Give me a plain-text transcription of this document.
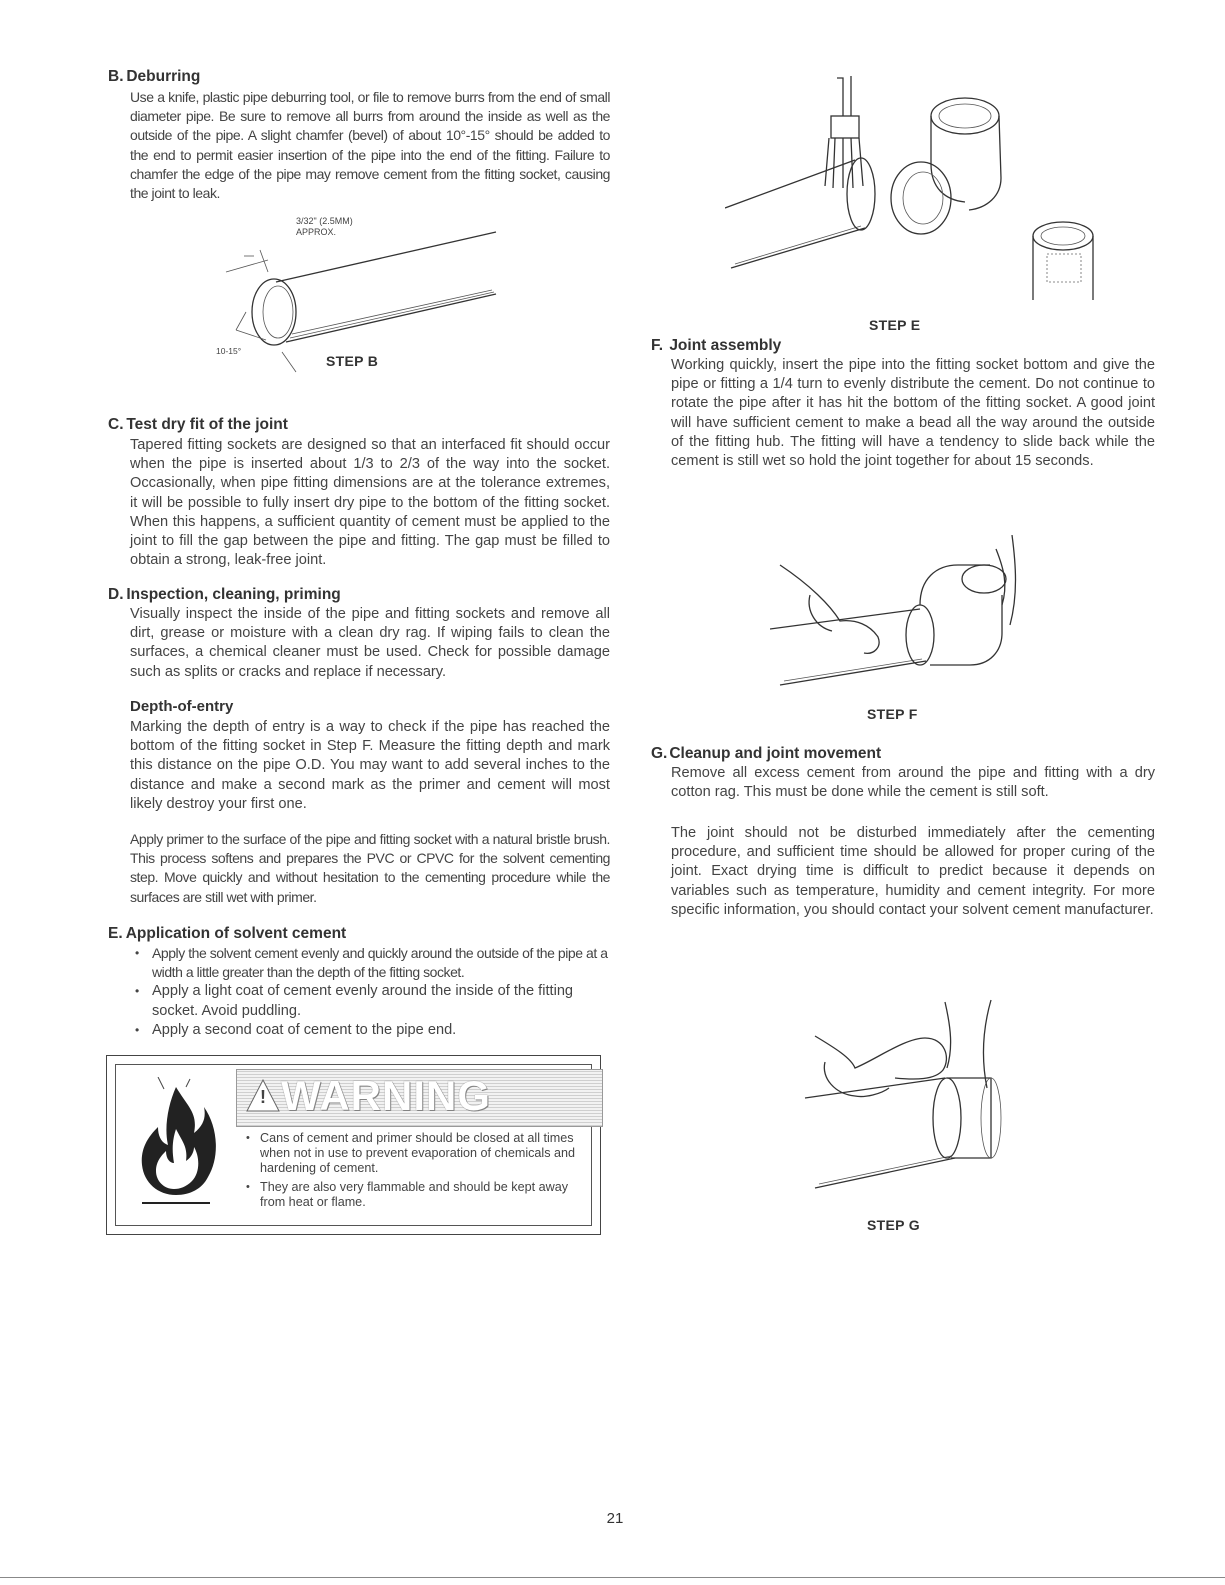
B. Deburring

Use a knife, plastic pipe deburring tool, or file to remove burrs from the end of small diameter pipe. Be sure to remove all burrs from around the inside as well as the outside of the pipe. A slight chamfer (bevel) of about 10°-15° should be added to the end to permit easier insertion of the pipe into the end of the fitting. Failure to chamfer the edge of the pipe may remove cement from the fitting socket, causing the joint to leak.

3/32" (2.5MM)
APPROX.
10-15°
STEP B
C. Test dry fit of the joint

Tapered fitting sockets are designed so that an interfaced fit should occur when the pipe is inserted about 1/3 to 2/3 of the way into the socket. Occasionally, when pipe fitting dimensions are at the tolerance extremes, it will be possible to fully insert dry pipe to the bottom of the fitting socket. When this happens, a sufficient quantity of cement must be applied to the joint to fill the gap between the pipe and fitting. The gap must be filled to obtain a strong, leak-free joint.

D. Inspection, cleaning, priming

Visually inspect the inside of the pipe and fitting sockets and remove all dirt, grease or moisture with a clean dry rag. If wiping fails to clean the surfaces, a chemical cleaner must be used. Check for possible damage such as splits or cracks and replace if necessary.

Depth-of-entry

Marking the depth of entry is a way to check if the pipe has reached the bottom of the fitting socket in Step F. Measure the fitting depth and mark this distance on the pipe O.D. You may want to add several inches to the distance and make a second mark as the primer and cement will most likely destroy your first one.

Apply primer to the surface of the pipe and fitting socket with a natural bristle brush. This process softens and prepares the PVC or CPVC for the solvent cementing step. Move quickly and without hesitation to the cementing procedure while the surfaces are still wet with primer.

E. Application of solvent cement
• Apply the solvent cement evenly and quickly around the outside of the pipe at a width a little greater than the depth of the fitting socket.
• Apply a light coat of cement evenly around the inside of the fitting socket. Avoid puddling.
• Apply a second coat of cement to the pipe end.
! WARNING
• Cans of cement and primer should be closed at all times when not in use to prevent evaporation of chemicals and hardening of cement.
• They are also very flammable and should be kept away from heat or flame.
STEP E
F. Joint assembly

Working quickly, insert the pipe into the fitting socket bottom and give the pipe or fitting a 1/4 turn to evenly distribute the cement. Do not continue to rotate the pipe after it has hit the bottom of the fitting socket. A good joint will have sufficient cement to make a bead all the way around the outside of the fitting hub. The fitting will have a tendency to slide back while the cement is still wet so hold the joint together for about 15 seconds.

STEP F
G. Cleanup and joint movement

Remove all excess cement from around the pipe and fitting with a dry cotton rag. This must be done while the cement is still soft.

The joint should not be disturbed immediately after the cementing procedure, and sufficient time should be allowed for proper curing of the joint. Exact drying time is difficult to predict because it depends on variables such as temperature, humidity and cement integrity. For more specific information, you should contact your solvent cement manufacturer.

STEP G
21
